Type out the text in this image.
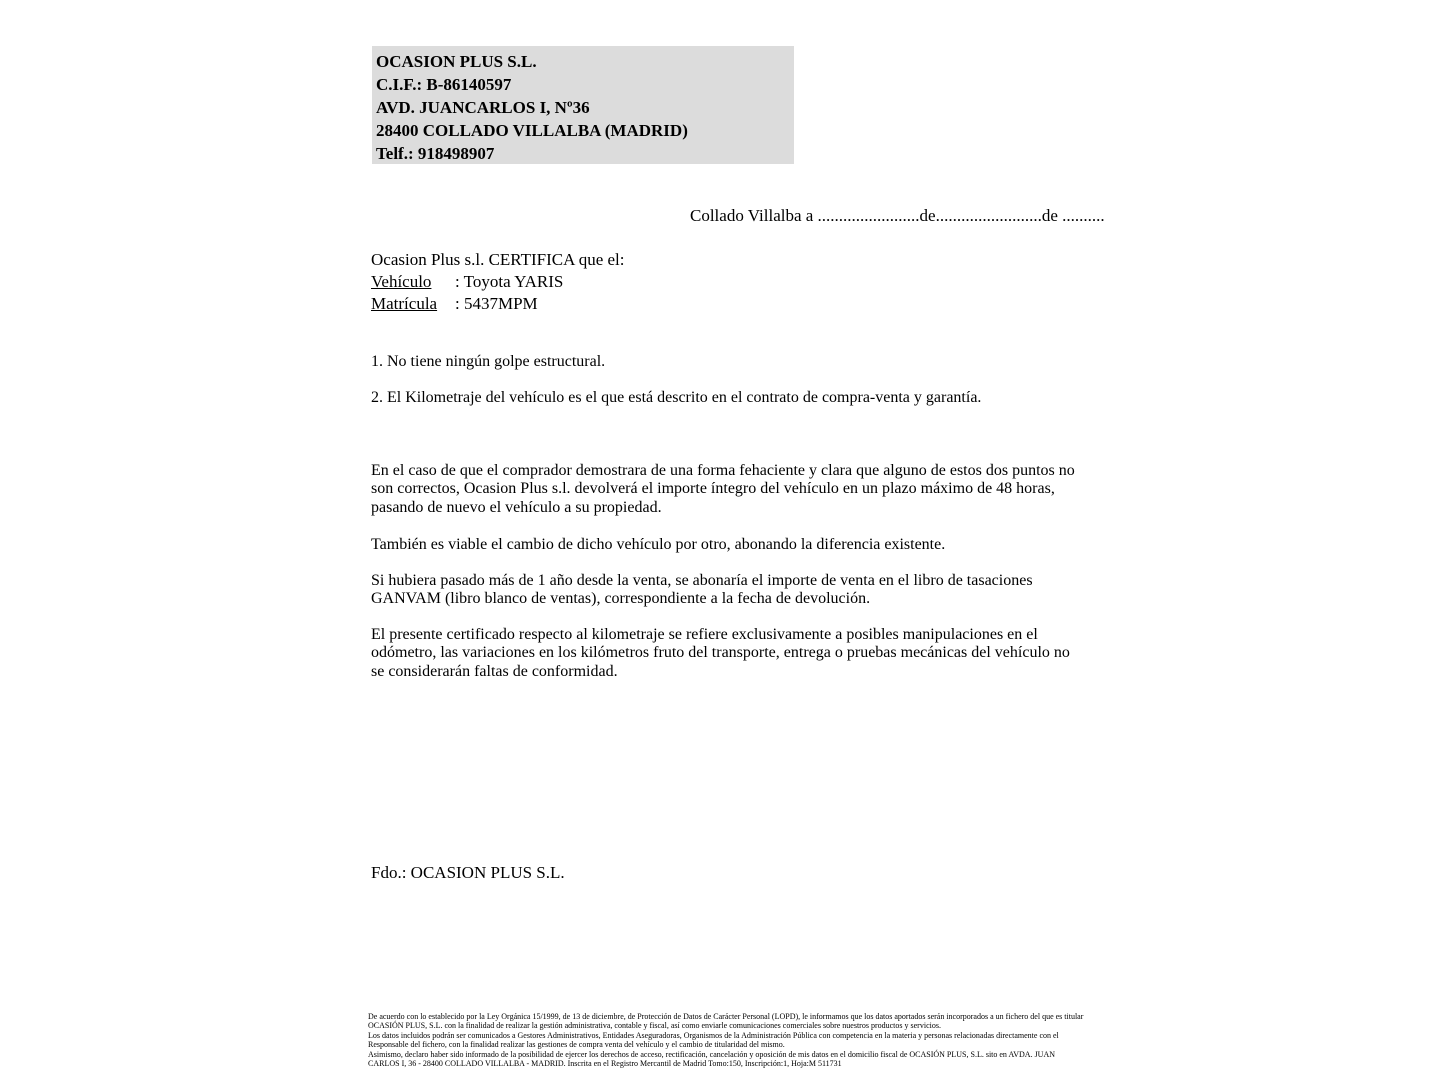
OCASION PLUS S.L.
C.I.F.: B-86140597
AVD. JUANCARLOS I, Nº36
28400 COLLADO VILLALBA (MADRID)
Telf.: 918498907
Collado Villalba a ........................de.........................de ..........
Ocasion Plus s.l. CERTIFICA que el:
Vehículo : Toyota YARIS
Matrícula : 5437MPM
1. No tiene ningún golpe estructural.
2. El Kilometraje del vehículo es el que está descrito en el contrato de compra-venta y garantía.
En el caso de que el comprador demostrara de una forma fehaciente y clara que alguno de estos dos puntos no son correctos, Ocasion Plus s.l. devolverá el importe íntegro del vehículo en un plazo máximo de 48 horas, pasando de nuevo el vehículo a su propiedad.
También es viable el cambio de dicho vehículo por otro, abonando la diferencia existente.
Si hubiera pasado más de 1 año desde la venta, se abonaría el importe de venta en el libro de tasaciones GANVAM (libro blanco de ventas), correspondiente a la fecha de devolución.
El presente certificado respecto al kilometraje se refiere exclusivamente a posibles manipulaciones en el odómetro, las variaciones en los kilómetros fruto del transporte, entrega o pruebas mecánicas del vehículo no se considerarán faltas de conformidad.
Fdo.: OCASION PLUS S.L.
De acuerdo con lo establecido por la Ley Orgánica 15/1999, de 13 de diciembre, de Protección de Datos de Carácter Personal (LOPD), le informamos que los datos aportados serán incorporados a un fichero del que es titular
OCASIÓN PLUS, S.L. con la finalidad de realizar la gestión administrativa, contable y fiscal, así como enviarle comunicaciones comerciales sobre nuestros productos y servicios.
Los datos incluidos podrán ser comunicados a Gestores Administrativos, Entidades Aseguradoras, Organismos de la Administración Pública con competencia en la materia y personas relacionadas directamente con el
Responsable del fichero, con la finalidad realizar las gestiones de compra venta del vehículo y el cambio de titularidad del mismo.
Asimismo, declaro haber sido informado de la posibilidad de ejercer los derechos de acceso, rectificación, cancelación y oposición de mis datos en el domicilio fiscal de OCASIÓN PLUS, S.L. sito en AVDA. JUAN
CARLOS I, 36 - 28400 COLLADO VILLALBA - MADRID. Inscrita en el Registro Mercantil de Madrid Tomo:150, Inscripción:1, Hoja:M 511731
